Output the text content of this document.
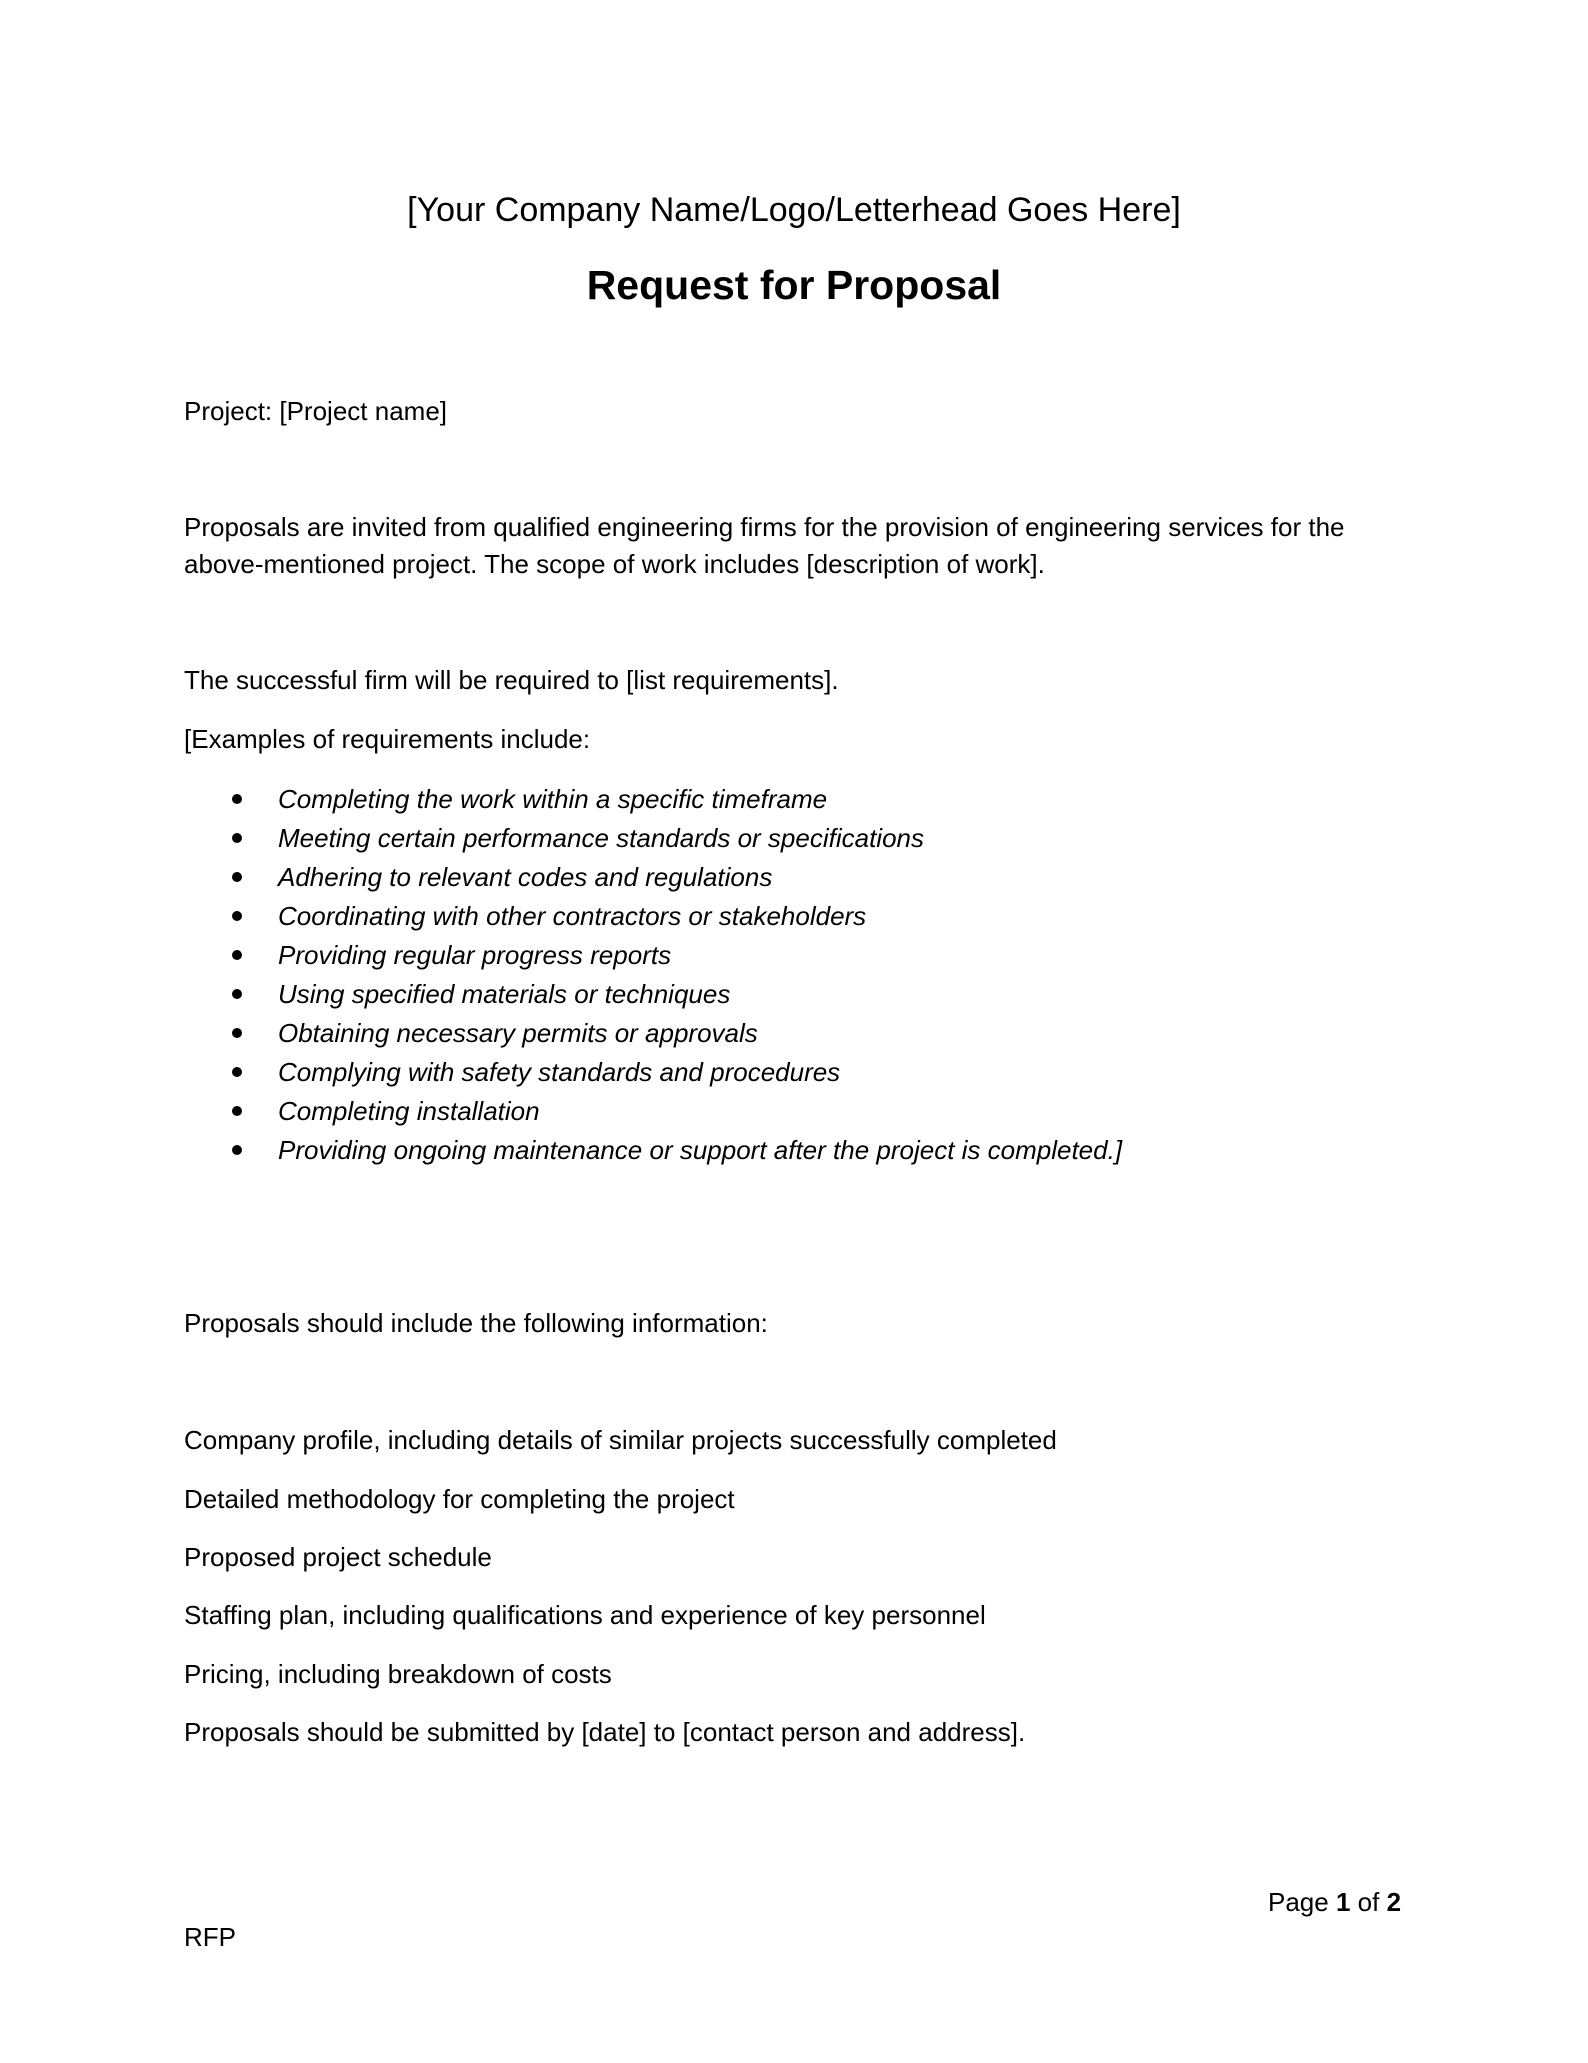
[Your Company Name/Logo/Letterhead Goes Here]

Request for Proposal

Project: [Project name]

Proposals are invited from qualified engineering firms for the provision of engineering services for the

above-mentioned project. The scope of work includes [description of work].

The successful firm will be required to [list requirements].

[Examples of requirements include:

Completing the work within a specific timeframe
Meeting certain performance standards or specifications
Adhering to relevant codes and regulations
Coordinating with other contractors or stakeholders
Providing regular progress reports
Using specified materials or techniques
Obtaining necessary permits or approvals
Complying with safety standards and procedures
Completing installation
Providing ongoing maintenance or support after the project is completed.]

Proposals should include the following information:

Company profile, including details of similar projects successfully completed

Detailed methodology for completing the project

Proposed project schedule

Staffing plan, including qualifications and experience of key personnel

Pricing, including breakdown of costs

Proposals should be submitted by [date] to [contact person and address].

Page 1 of 2

RFP
